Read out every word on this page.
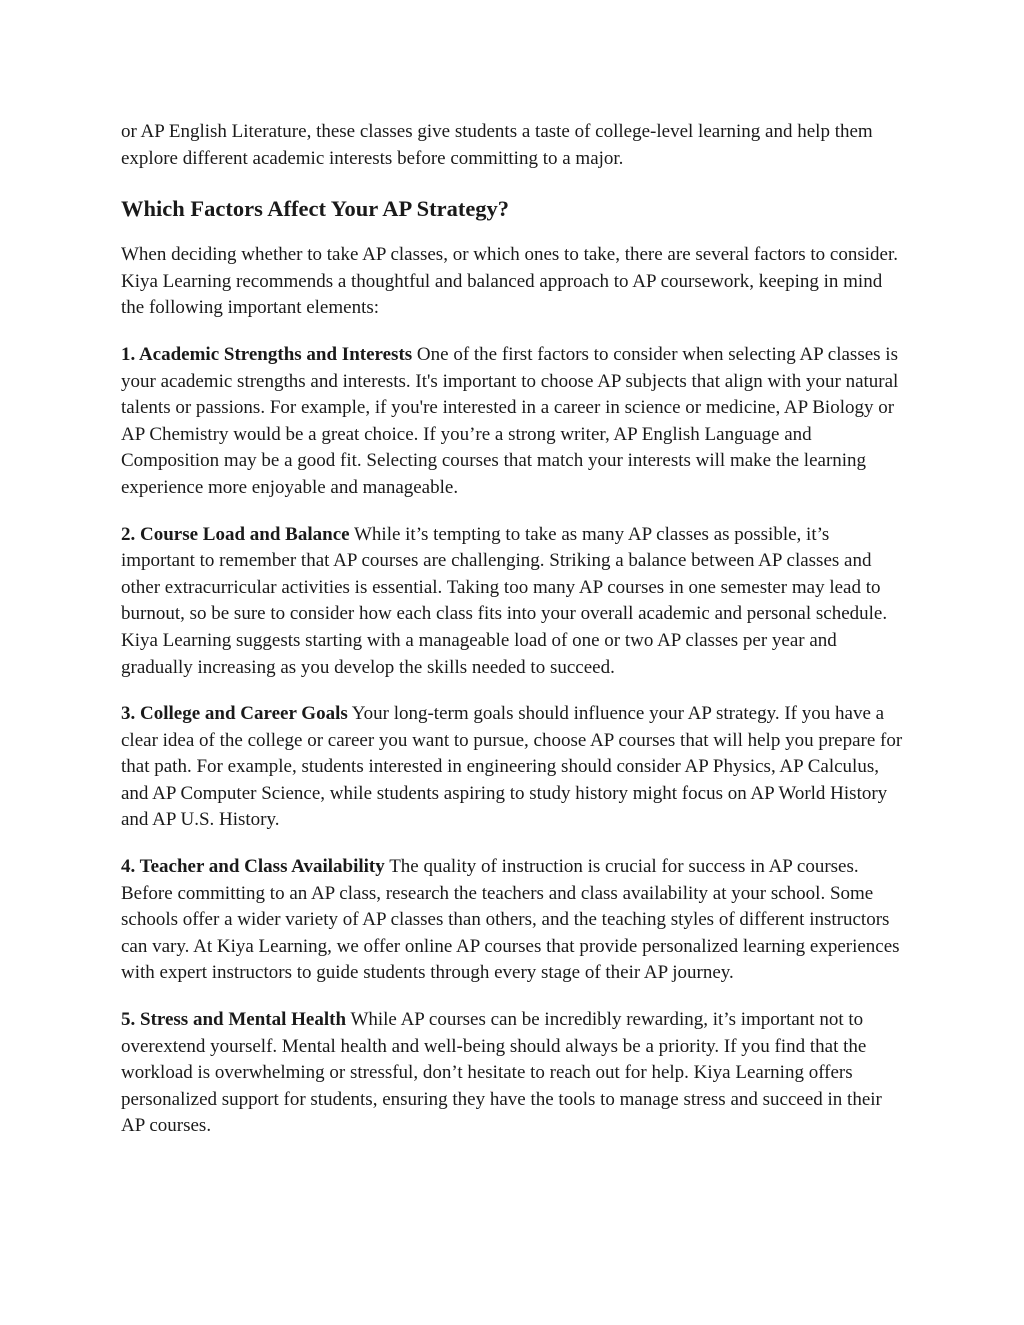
or AP English Literature, these classes give students a taste of college-level learning and help them explore different academic interests before committing to a major.

Which Factors Affect Your AP Strategy?

When deciding whether to take AP classes, or which ones to take, there are several factors to consider. Kiya Learning recommends a thoughtful and balanced approach to AP coursework, keeping in mind the following important elements:

1. Academic Strengths and Interests One of the first factors to consider when selecting AP classes is your academic strengths and interests. It's important to choose AP subjects that align with your natural talents or passions. For example, if you're interested in a career in science or medicine, AP Biology or AP Chemistry would be a great choice. If you’re a strong writer, AP English Language and Composition may be a good fit. Selecting courses that match your interests will make the learning experience more enjoyable and manageable.

2. Course Load and Balance While it’s tempting to take as many AP classes as possible, it’s important to remember that AP courses are challenging. Striking a balance between AP classes and other extracurricular activities is essential. Taking too many AP courses in one semester may lead to burnout, so be sure to consider how each class fits into your overall academic and personal schedule. Kiya Learning suggests starting with a manageable load of one or two AP classes per year and gradually increasing as you develop the skills needed to succeed.

3. College and Career Goals Your long-term goals should influence your AP strategy. If you have a clear idea of the college or career you want to pursue, choose AP courses that will help you prepare for that path. For example, students interested in engineering should consider AP Physics, AP Calculus, and AP Computer Science, while students aspiring to study history might focus on AP World History and AP U.S. History.

4. Teacher and Class Availability The quality of instruction is crucial for success in AP courses. Before committing to an AP class, research the teachers and class availability at your school. Some schools offer a wider variety of AP classes than others, and the teaching styles of different instructors can vary. At Kiya Learning, we offer online AP courses that provide personalized learning experiences with expert instructors to guide students through every stage of their AP journey.

5. Stress and Mental Health While AP courses can be incredibly rewarding, it’s important not to overextend yourself. Mental health and well-being should always be a priority. If you find that the workload is overwhelming or stressful, don’t hesitate to reach out for help. Kiya Learning offers personalized support for students, ensuring they have the tools to manage stress and succeed in their AP courses.
